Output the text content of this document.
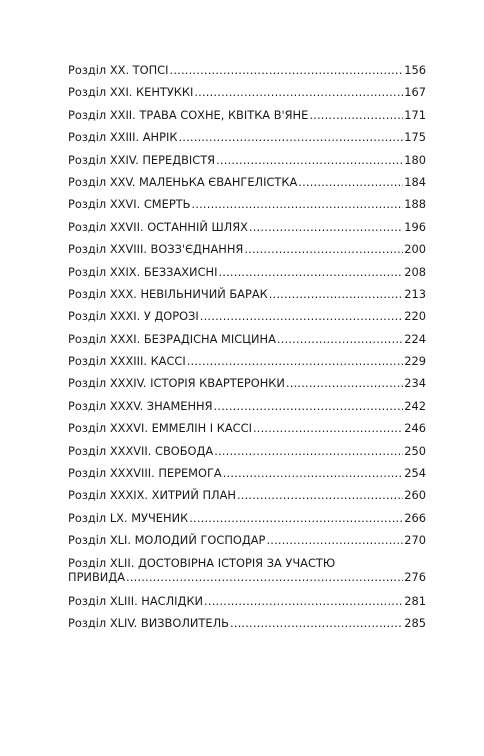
Розділ XX. ТОПСІ .....	156
Розділ XXI. КЕНТУККІ .....	167
Розділ XXII. ТРАВА СОХНЕ, КВІТКА В'ЯНЕ .....	171
Розділ XXIII. АНРІК .....	175
Розділ XXIV. ПЕРЕДВІСТЯ .....	180
Розділ XXV. МАЛЕНЬКА ЄВАНГЕЛІСТКА .....	184
Розділ XXVI. СМЕРТЬ .....	188
Розділ XXVII. ОСТАННІЙ ШЛЯХ .....	196
Розділ XXVIII. ВОЗЗ'ЄДНАННЯ .....	200
Розділ XXIX. БЕЗЗАХИСНІ .....	208
Розділ XXX. НЕВІЛЬНИЧИЙ БАРАК .....	213
Розділ XXXI. У ДОРОЗІ .....	220
Розділ XXXI. БЕЗРАДІСНА МІСЦИНА .....	224
Розділ XXXIII. КАССІ .....	229
Розділ XXXIV. ІСТОРІЯ КВАРТЕРОНКИ .....	234
Розділ XXXV. ЗНАМЕННЯ .....	242
Розділ XXXVI. ЕММЕЛІН І КАССІ .....	246
Розділ XXXVII. СВОБОДА .....	250
Розділ XXXVIII. ПЕРЕМОГА .....	254
Розділ XXXIX. ХИТРИЙ ПЛАН .....	260
Розділ LX. МУЧЕНИК .....	266
Розділ XLI. МОЛОДИЙ ГОСПОДАР .....	270
Розділ XLII. ДОСТОВІРНА ІСТОРІЯ ЗА УЧАСТЮ
ПРИВИДА .....	276
Розділ XLIII. НАСЛІДКИ .....	281
Розділ XLIV. ВИЗВОЛИТЕЛЬ .....	285
